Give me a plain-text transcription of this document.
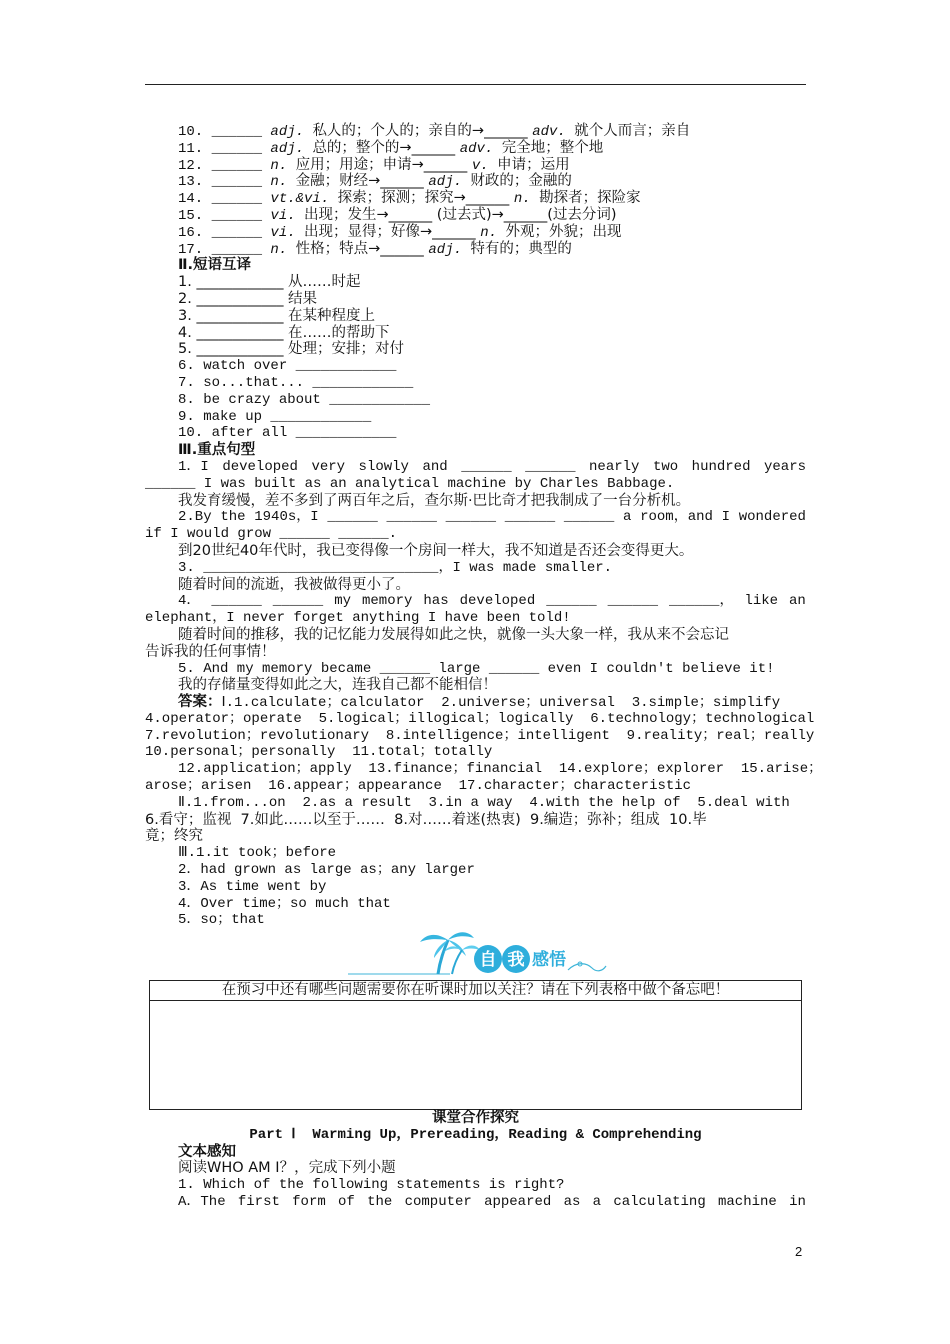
10. ______ adj. 私人的；个人的；亲自的→______ adv. 就个人而言；亲自
11. ______ adj. 总的；整个的→______ adv. 完全地；整个地
12. ______ n. 应用；用途；申请→______ v. 申请；运用
13. ______ n. 金融；财经→______ adj. 财政的；金融的
14. ______ vt.&vi. 探索；探测；探究→______ n. 勘探者；探险家
15. ______ vi. 出现；发生→______ (过去式)→______(过去分词)
16. ______ vi. 出现；显得；好像→______ n. 外观；外貌；出现
17. ______ n. 性格；特点→______ adj. 特有的；典型的
Ⅱ.短语互译
1. ____________ 从……时起
2. ____________ 结果
3. ____________ 在某种程度上
4. ____________ 在……的帮助下
5. ____________ 处理；安排；对付
6. watch over ____________
7. so...that... ____________
8. be crazy about ____________
9. make up ____________
10. after all ____________
Ⅲ.重点句型
1．I developed very slowly and ______ ______ nearly two hundred years
______ I was built as an analytical machine by Charles Babbage.
我发育缓慢，差不多到了两百年之后，查尔斯·巴比奇才把我制成了一台分析机。
2.By the 1940s，I ______ ______ ______ ______ ______ a room，and I wondered
if I would grow ______ ______.
到20世纪40年代时，我已变得像一个房间一样大，我不知道是否还会变得更大。
3. ____________________________，I was made smaller.
随着时间的流逝，我被做得更小了。
4． ______ ______ my memory has developed ______ ______ ______， like an
elephant，I never forget anything I have been told!
随着时间的推移，我的记忆能力发展得如此之快，就像一头大象一样，我从来不会忘记
告诉我的任何事情！
5. And my memory became ______ large ______ even I couldn't believe it!
我的存储量变得如此之大，连我自己都不能相信！
答案：Ⅰ.1.calculate；calculator  2.universe；universal  3.simple；simplify
4.operator；operate  5.logical；illogical；logically  6.technology；technological
7.revolution；revolutionary  8.intelligence；intelligent  9.reality；real；really
10.personal；personally  11.total；totally
12.application；apply  13.finance；financial  14.explore；explorer  15.arise；
arose；arisen  16.appear；appearance  17.character；characteristic
Ⅱ.1.from...on  2.as a result  3.in a way  4.with the help of  5.deal with
6.看守；监视  7.如此……以至于……  8.对……着迷(热衷)  9.编造；弥补；组成  10.毕
竟；终究
Ⅲ.1.it took；before
2．had grown as large as；any larger
3．As time went by
4．Over time；so much that
5．so；that
自 我 感悟
在预习中还有哪些问题需要你在听课时加以关注？请在下列表格中做个备忘吧！
课堂合作探究
Part Ⅰ  Warming Up，Prereading，Reading & Comprehending
文本感知
阅读WHO AM I？，完成下列小题
1. Which of the following statements is right?
A．The first form of the computer appeared as a calculating machine in
2
